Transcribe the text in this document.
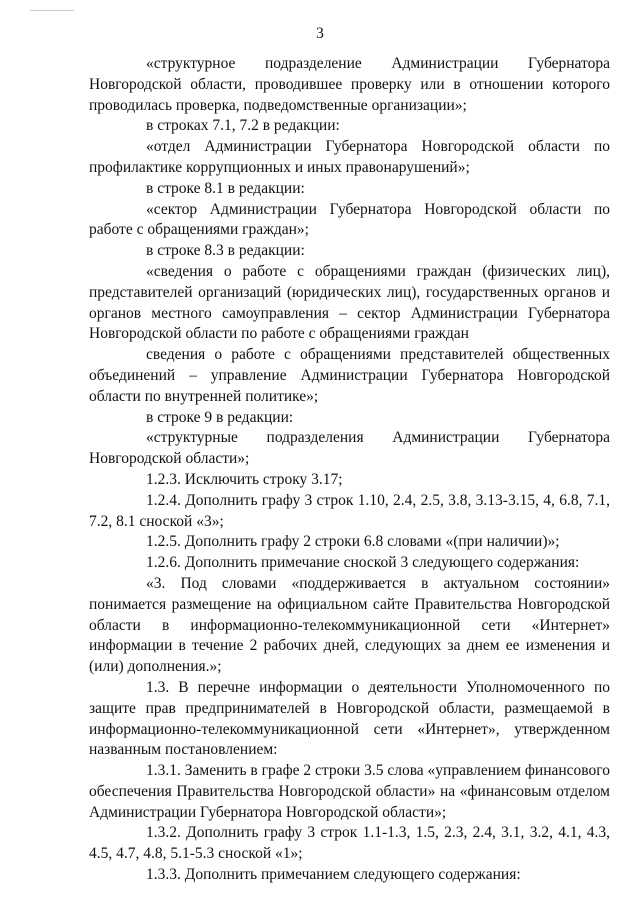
3

«структурное подразделение Администрации Губернатора Новгородской области, проводившее проверку или в отношении которого проводилась проверка, подведомственные организации»;

в строках 7.1, 7.2 в редакции:

«отдел Администрации Губернатора Новгородской области по профилактике коррупционных и иных правонарушений»;

в строке 8.1 в редакции:

«сектор Администрации Губернатора Новгородской области по работе с обращениями граждан»;

в строке 8.3 в редакции:

«сведения о работе с обращениями граждан (физических лиц), представителей организаций (юридических лиц), государственных органов и органов местного самоуправления – сектор Администрации Губернатора Новгородской области по работе с обращениями граждан

сведения о работе с обращениями представителей общественных объединений – управление Администрации Губернатора Новгородской области по внутренней политике»;

в строке 9 в редакции:

«структурные подразделения Администрации Губернатора Новгородской области»;

1.2.3. Исключить строку 3.17;

1.2.4. Дополнить графу 3 строк 1.10, 2.4, 2.5, 3.8, 3.13-3.15, 4, 6.8, 7.1, 7.2, 8.1 сноской «3»;

1.2.5. Дополнить графу 2 строки 6.8 словами «(при наличии)»;

1.2.6. Дополнить примечание сноской 3 следующего содержания:

«3. Под словами «поддерживается в актуальном состоянии» понимается размещение на официальном сайте Правительства Новгородской области в информационно-телекоммуникационной сети «Интернет» информации в течение 2 рабочих дней, следующих за днем ее изменения и (или) дополнения.»;

1.3. В перечне информации о деятельности Уполномоченного по защите прав предпринимателей в Новгородской области, размещаемой в информационно-телекоммуникационной сети «Интернет», утвержденном названным постановлением:

1.3.1. Заменить в графе 2 строки 3.5 слова «управлением финансового обеспечения Правительства Новгородской области» на «финансовым отделом Администрации Губернатора Новгородской области»;

1.3.2. Дополнить графу 3 строк 1.1-1.3, 1.5, 2.3, 2.4, 3.1, 3.2, 4.1, 4.3, 4.5, 4.7, 4.8, 5.1-5.3 сноской «1»;

1.3.3. Дополнить примечанием следующего содержания:
